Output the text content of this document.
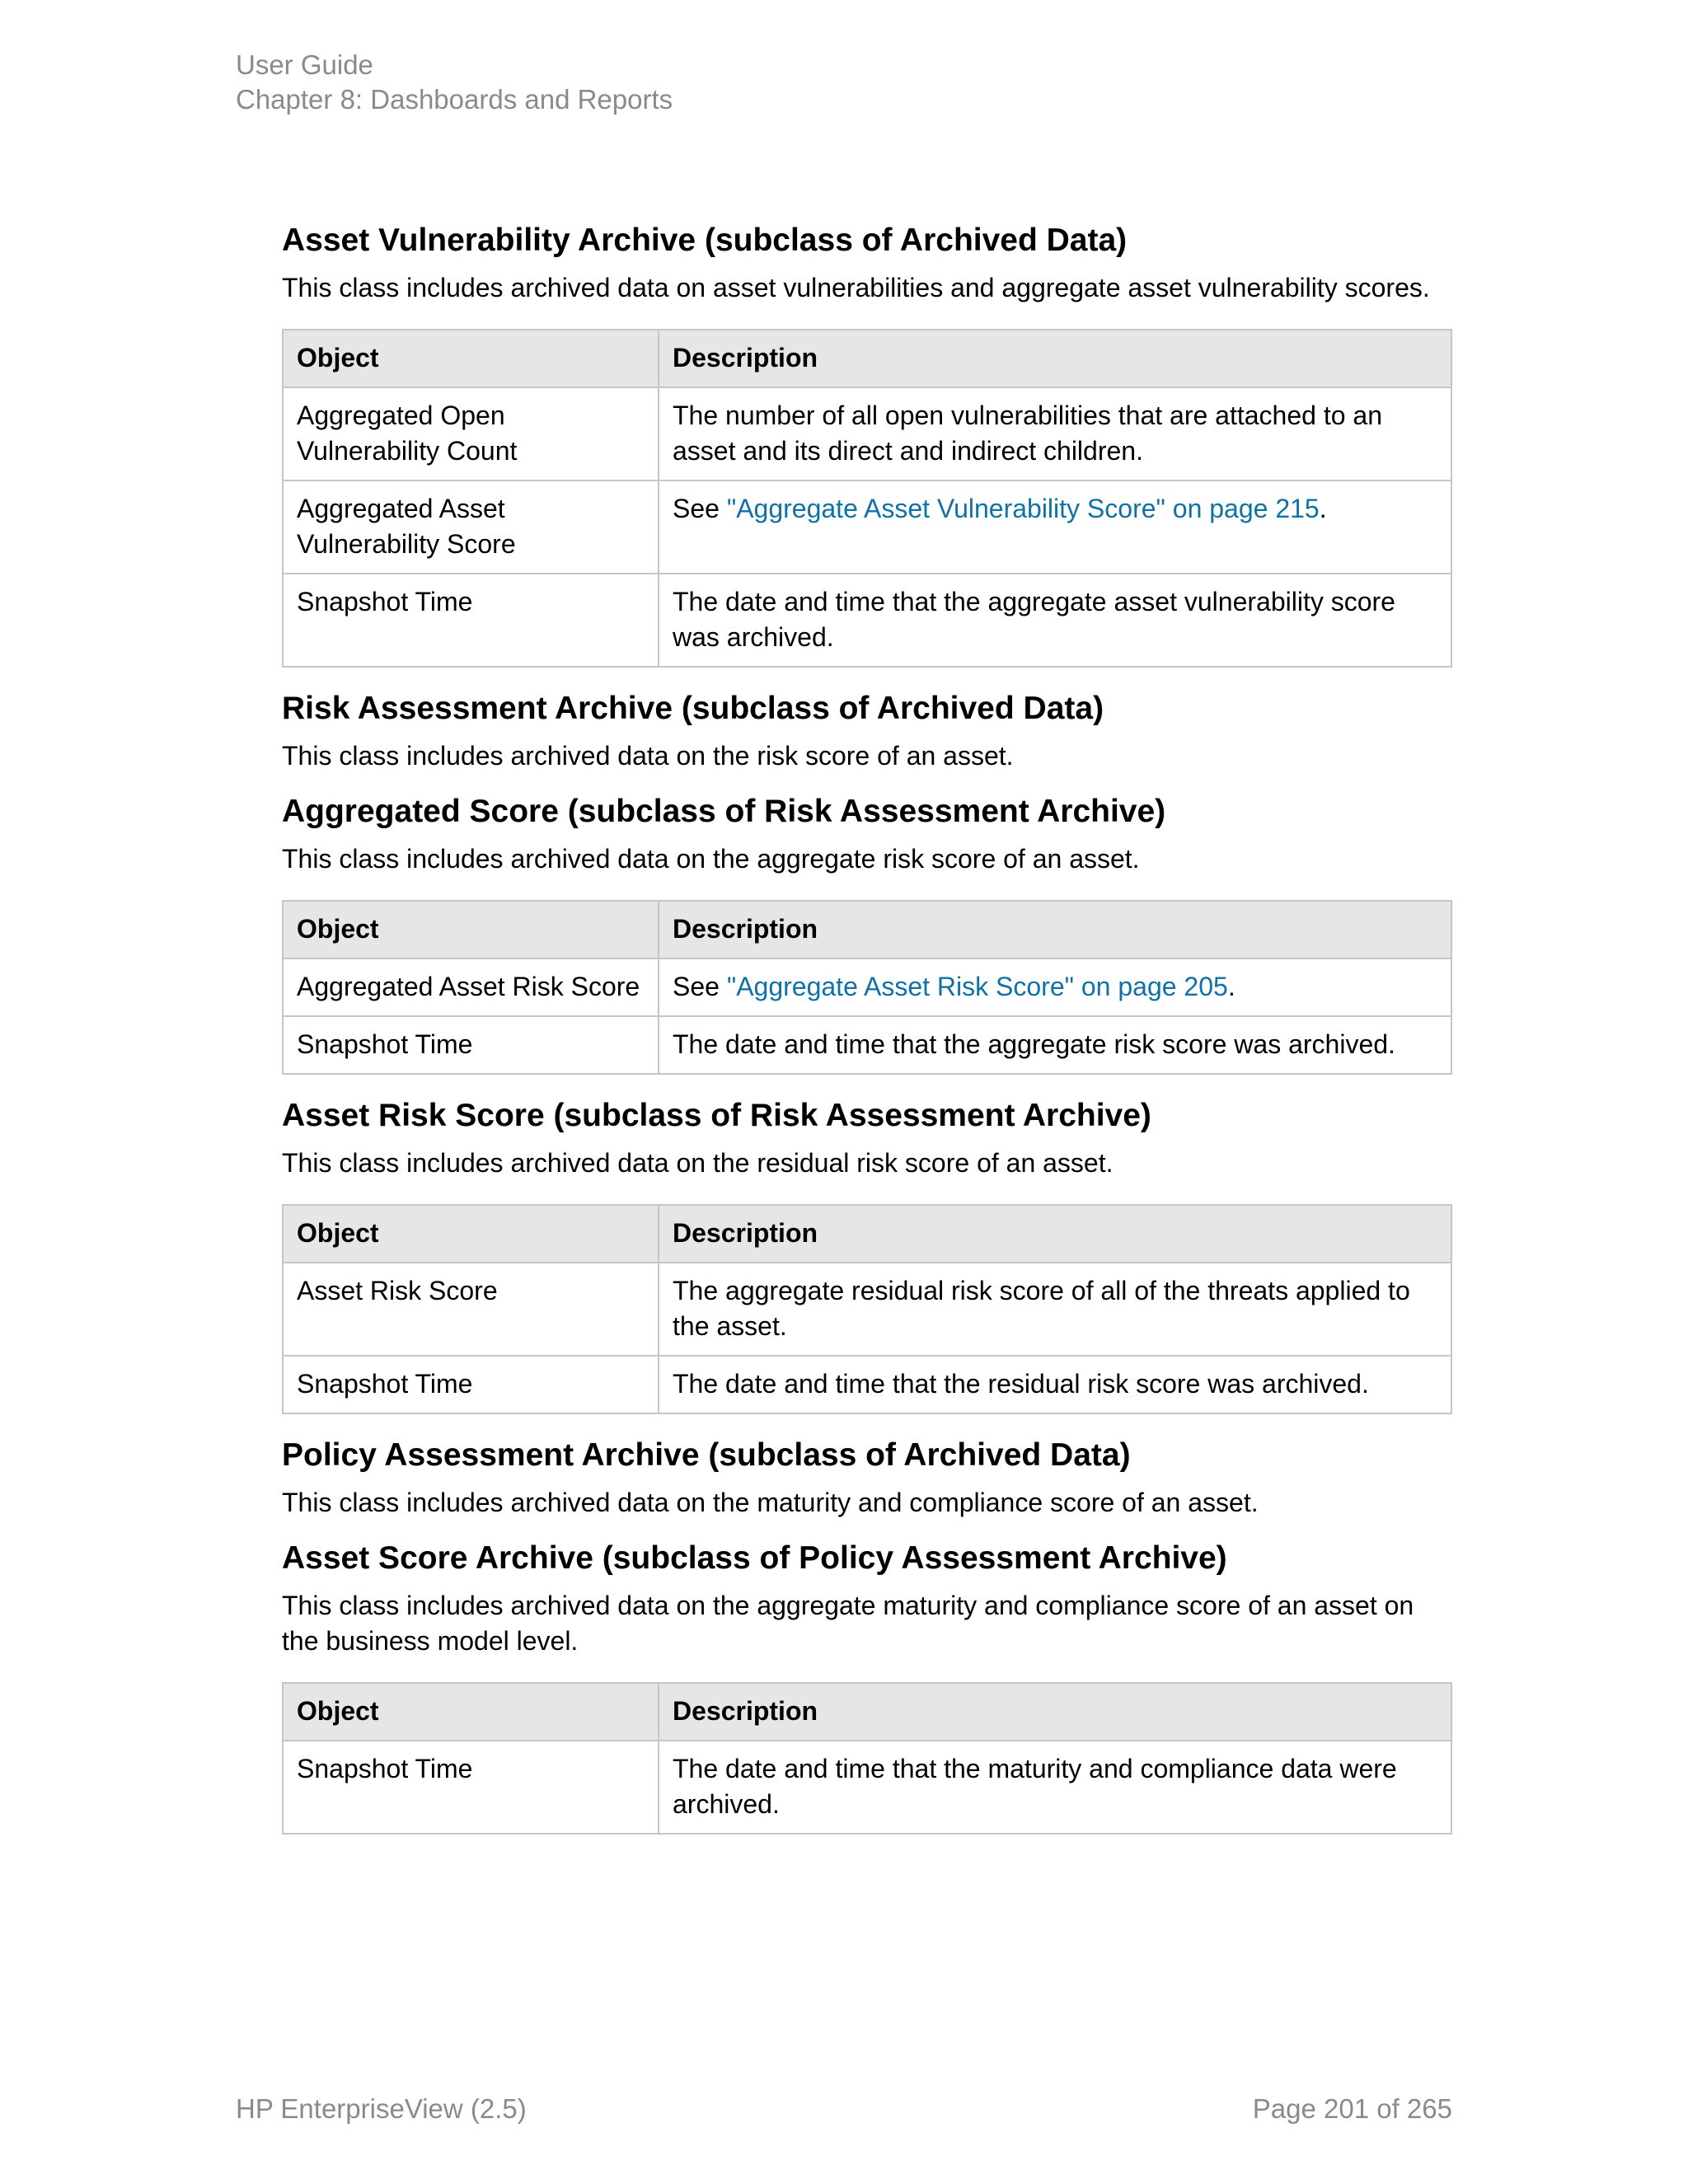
User Guide
Chapter 8: Dashboards and Reports
Asset Vulnerability Archive (subclass of Archived Data)

This class includes archived data on asset vulnerabilities and aggregate asset vulnerability scores.

Object	Description
Aggregated Open Vulnerability Count	The number of all open vulnerabilities that are attached to an asset and its direct and indirect children.
Aggregated Asset Vulnerability Score	See "Aggregate Asset Vulnerability Score" on page 215.
Snapshot Time	The date and time that the aggregate asset vulnerability score was archived.
Risk Assessment Archive (subclass of Archived Data)

This class includes archived data on the risk score of an asset.

Aggregated Score (subclass of Risk Assessment Archive)

This class includes archived data on the aggregate risk score of an asset.

Object	Description
Aggregated Asset Risk Score	See "Aggregate Asset Risk Score" on page 205.
Snapshot Time	The date and time that the aggregate risk score was archived.
Asset Risk Score (subclass of Risk Assessment Archive)

This class includes archived data on the residual risk score of an asset.

Object	Description
Asset Risk Score	The aggregate residual risk score of all of the threats applied to the asset.
Snapshot Time	The date and time that the residual risk score was archived.
Policy Assessment Archive (subclass of Archived Data)

This class includes archived data on the maturity and compliance score of an asset.

Asset Score Archive (subclass of Policy Assessment Archive)

This class includes archived data on the aggregate maturity and compliance score of an asset on the business model level.

Object	Description
Snapshot Time	The date and time that the maturity and compliance data were archived.
HP EnterpriseView (2.5)	Page 201 of 265
